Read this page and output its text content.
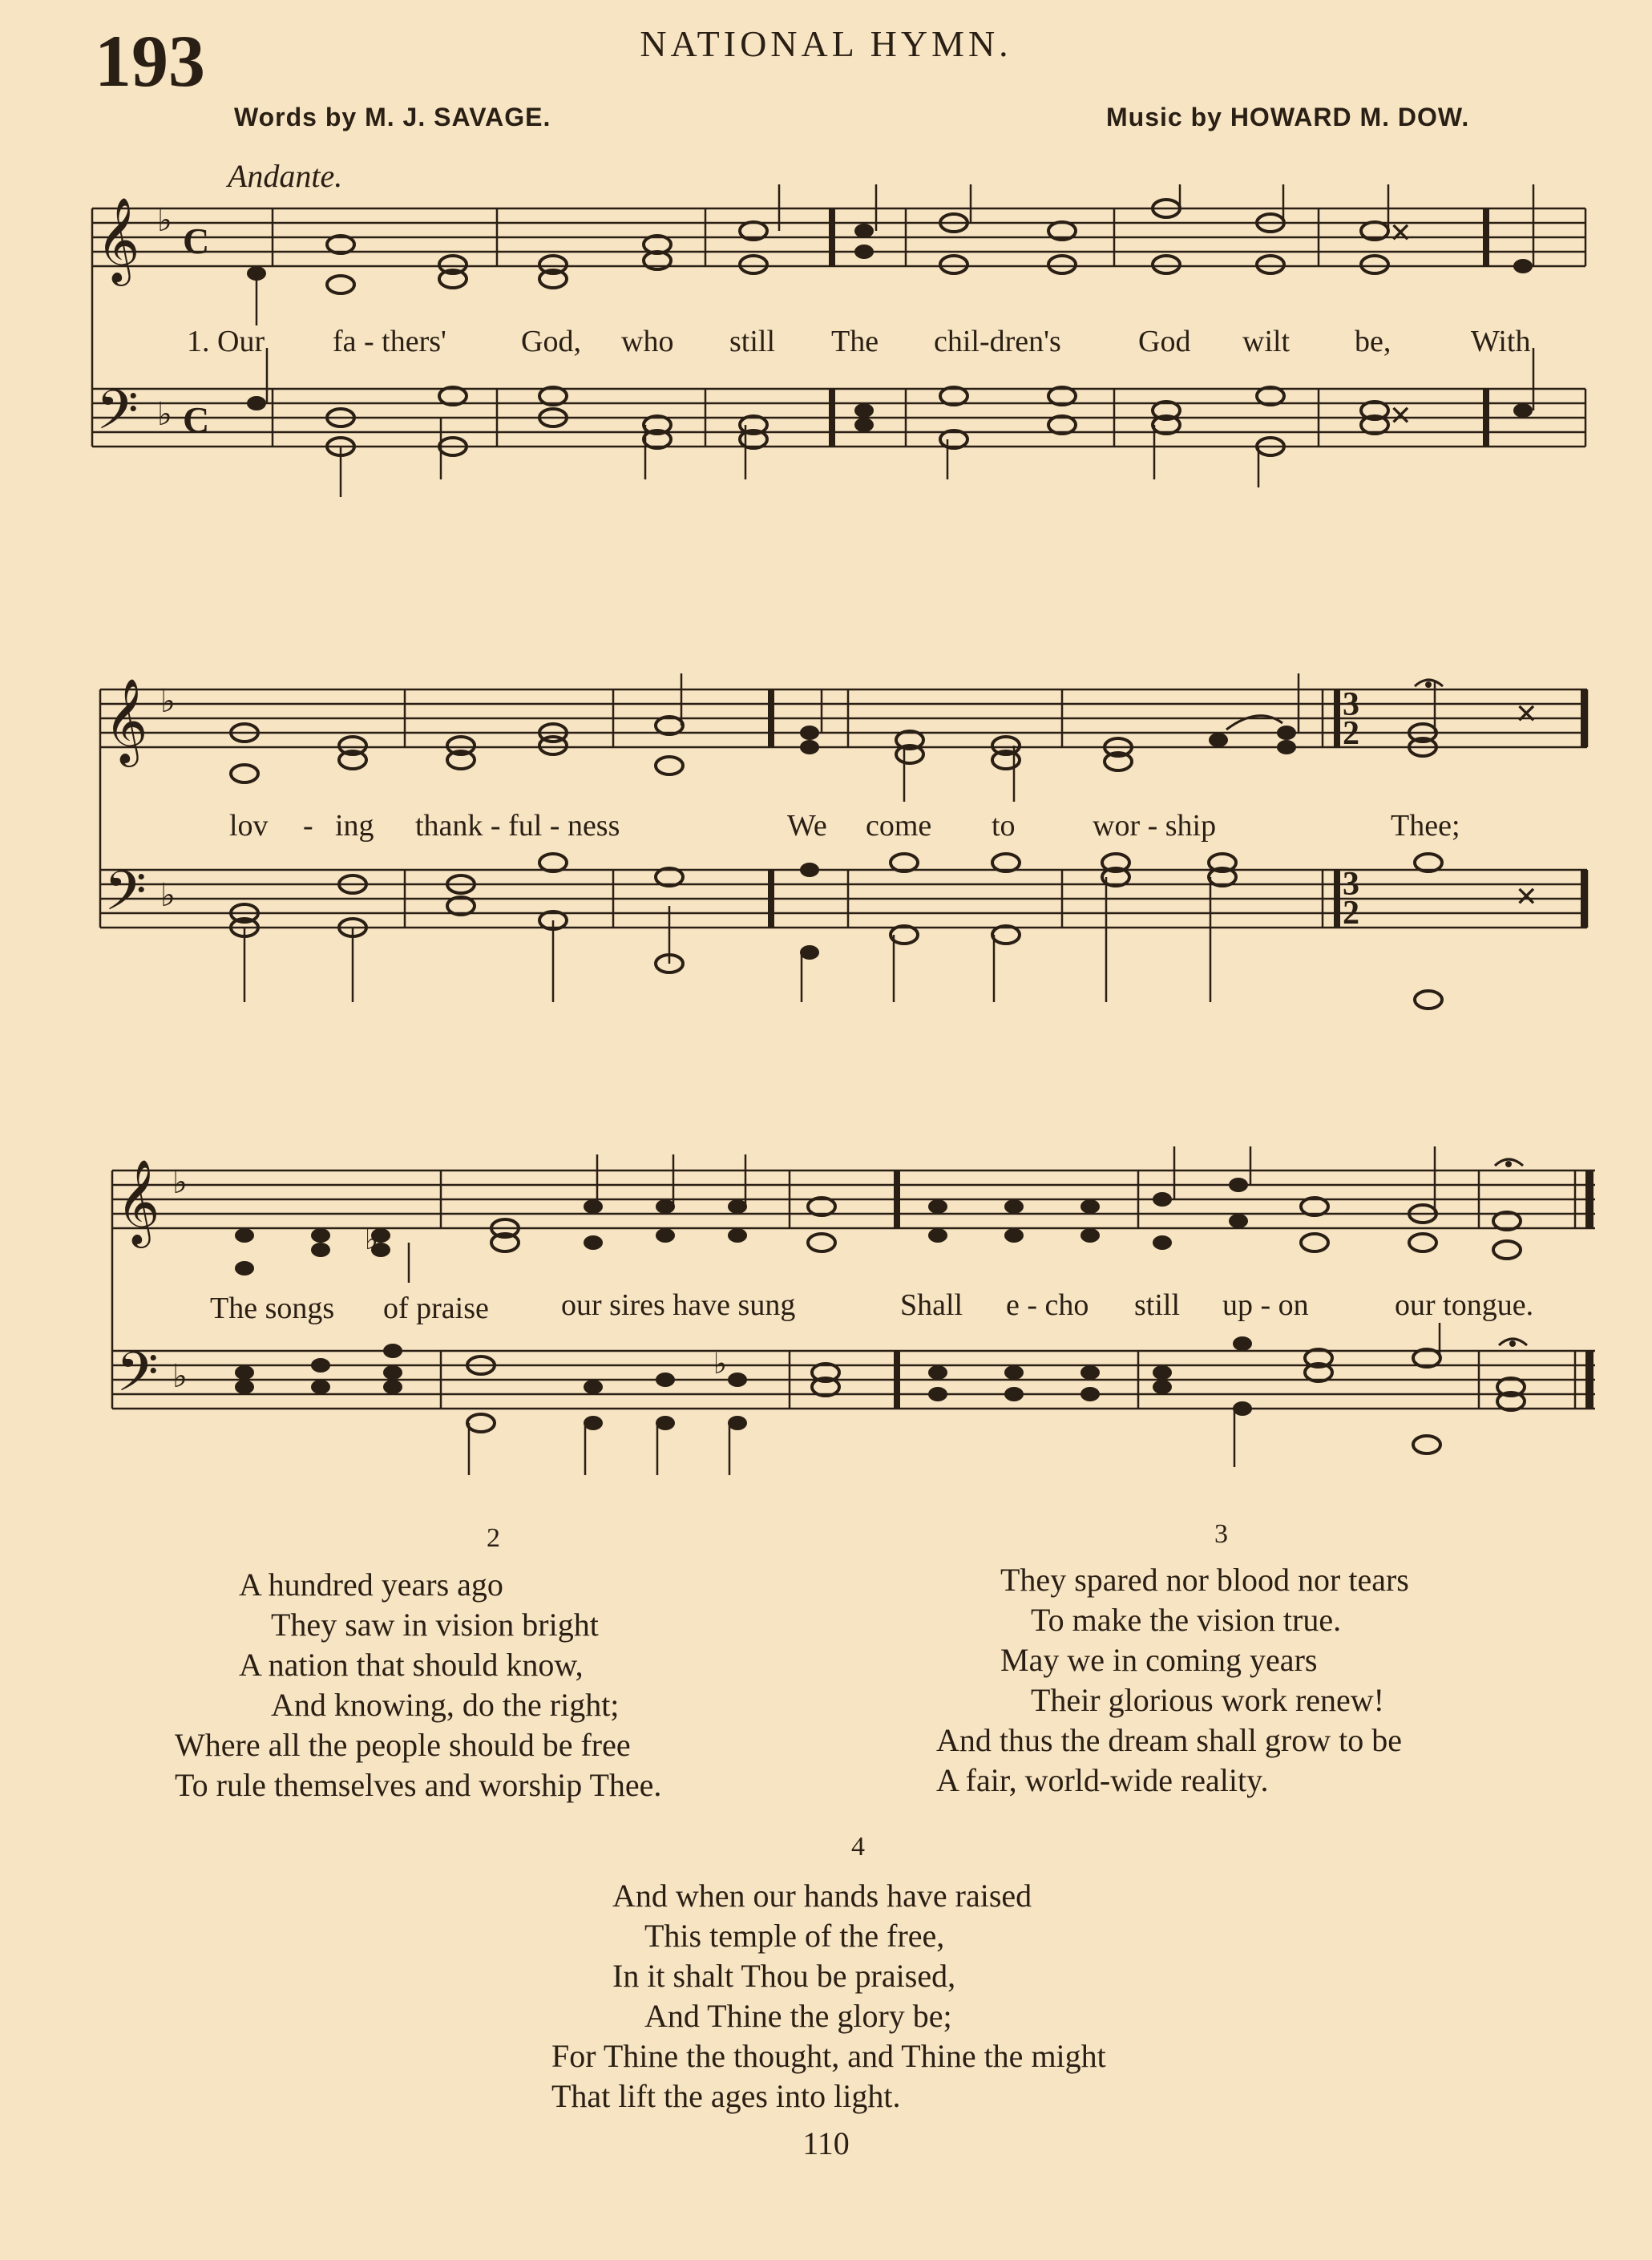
193	NATIONAL HYMN.
Words by M. J. SAVAGE.	Music by HOWARD M. DOW.
Andante.
𝄞
𝄢
♭
♭
C
C
✕
✕
1. Our fa - thers' God, who still The chil-dren's	God wilt be,	With
𝄞
𝄢
♭
♭
3
2
3
2
✕
✕
lov - ing thank - ful - ness	We come to	wor - ship	Thee;
𝄞
𝄢
♭
♭
♭
♭
The songs of praise our sires have sung	Shall e - cho still up - on	our tongue.
2
A hundred years ago
They saw in vision bright
A nation that should know,
And knowing, do the right;
Where all the people should be free
To rule themselves and worship Thee.
3
They spared nor blood nor tears
To make the vision true.
May we in coming years
Their glorious work renew!
And thus the dream shall grow to be
A fair, world-wide reality.
4
And when our hands have raised
This temple of the free,
In it shalt Thou be praised,
And Thine the glory be;
For Thine the thought, and Thine the might
That lift the ages into light.
110
